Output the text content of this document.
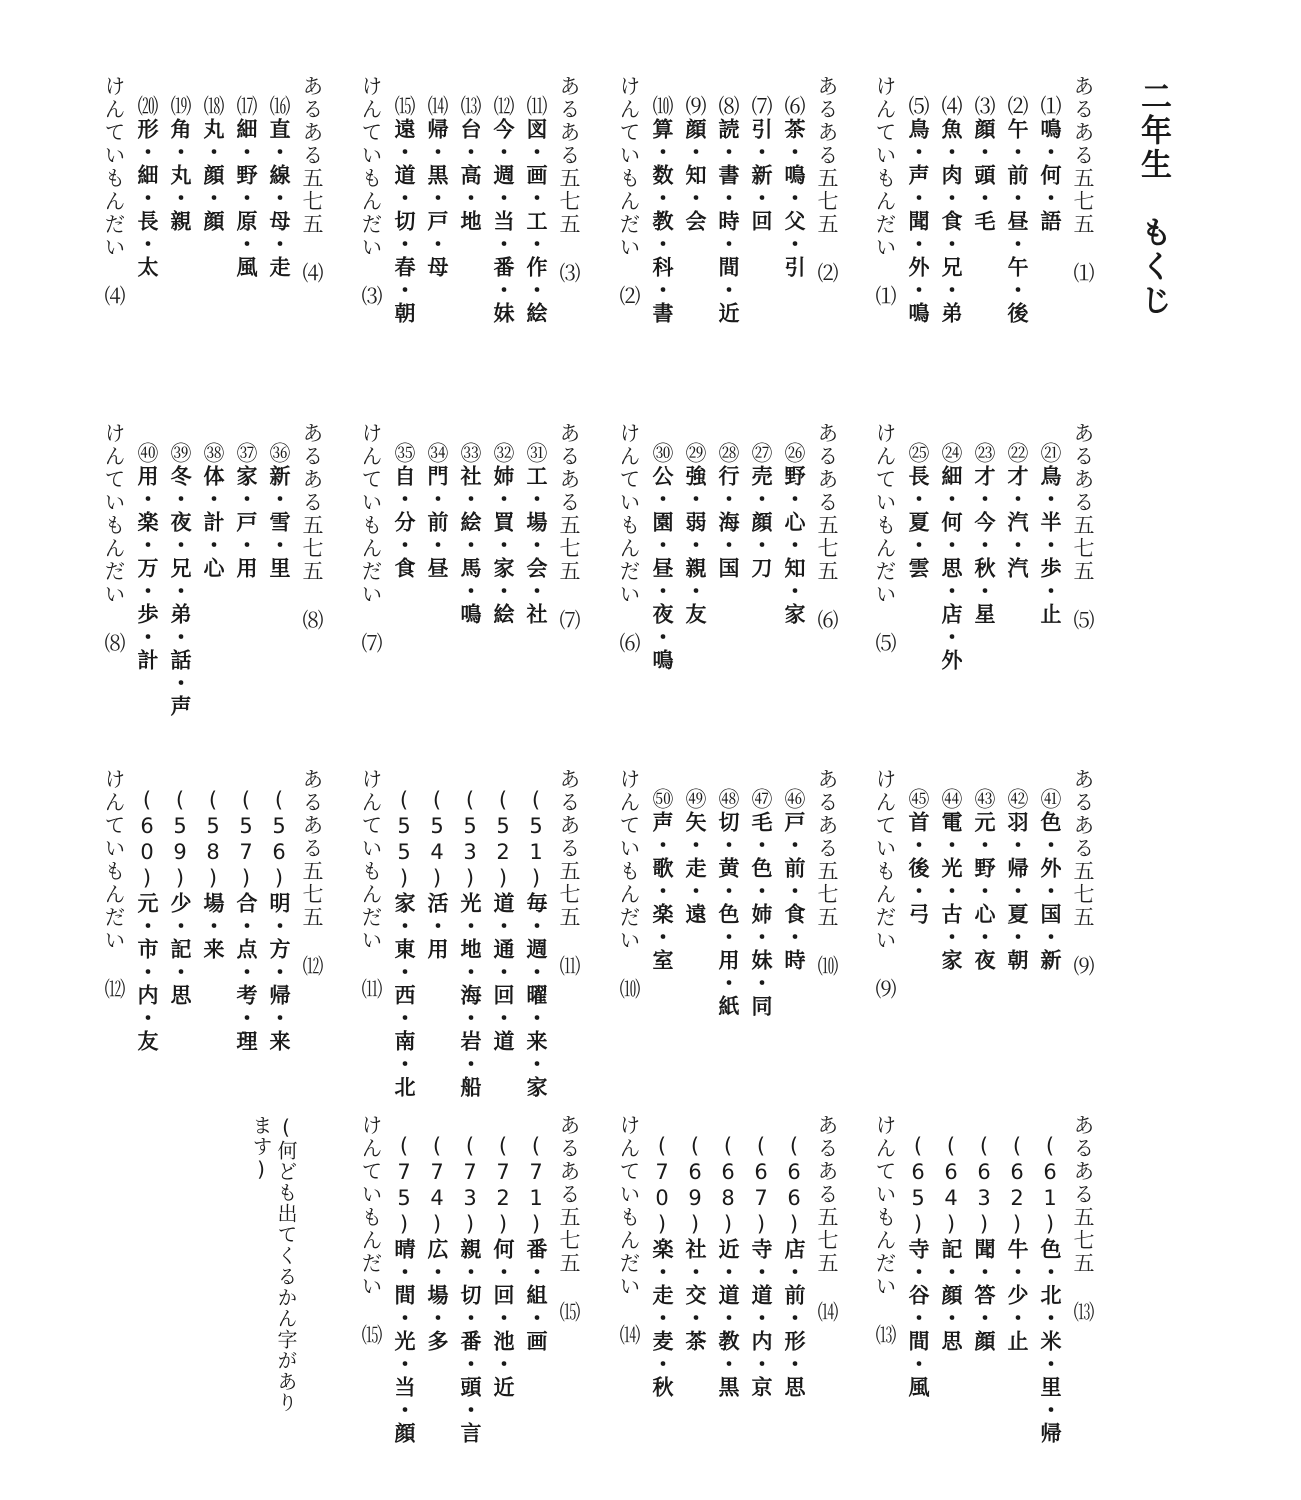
二年生　もくじ
(何ども出てくるかん字があり
ます)
あるある五七五 ⑴
⑴鳴・何・語
⑵午・前・昼・午・後
⑶顔・頭・毛
⑷魚・肉・食・兄・弟
⑸鳥・声・聞・外・鳴
けんていもんだい ⑴
あるある五七五 ⑵
⑹茶・鳴・父・引
⑺引・新・回
⑻読・書・時・間・近
⑼顔・知・会
⑽算・数・教・科・書
けんていもんだい ⑵
あるある五七五 ⑶
⑾図・画・工・作・絵
⑿今・週・当・番・妹
⒀台・高・地
⒁帰・黒・戸・母
⒂遠・道・切・春・朝
けんていもんだい ⑶
あるある五七五 ⑷
⒃直・線・母・走
⒄細・野・原・風
⒅丸・顔・顔
⒆角・丸・親
⒇形・細・長・太
けんていもんだい ⑷
あるある五七五 ⑸
㉑鳥・半・歩・止
㉒才・汽・汽
㉓才・今・秋・星
㉔細・何・思・店・外
㉕長・夏・雲
けんていもんだい ⑸
あるある五七五 ⑹
㉖野・心・知・家
㉗売・顔・刀
㉘行・海・国
㉙強・弱・親・友
㉚公・園・昼・夜・鳴
けんていもんだい ⑹
あるある五七五 ⑺
㉛工・場・会・社
㉜姉・買・家・絵
㉝社・絵・馬・鳴
㉞門・前・昼
㉟自・分・食
けんていもんだい ⑺
あるある五七五 ⑻
㊱新・雪・里
㊲家・戸・用
㊳体・計・心
㊴冬・夜・兄・弟・話・声
㊵用・楽・万・歩・計
けんていもんだい ⑻
あるある五七五 ⑼
㊶色・外・国・新
㊷羽・帰・夏・朝
㊸元・野・心・夜
㊹電・光・古・家
㊺首・後・弓
けんていもんだい ⑼
あるある五七五 ⑽
㊻戸・前・食・時
㊼毛・色・姉・妹・同
㊽切・黄・色・用・紙
㊾矢・走・遠
㊿声・歌・楽・室
けんていもんだい ⑽
あるある五七五 ⑾
(51)毎・週・曜・来・家
(52)道・通・回・道
(53)光・地・海・岩・船
(54)活・用
(55)家・東・西・南・北
けんていもんだい ⑾
あるある五七五 ⑿
(56)明・方・帰・来
(57)合・点・考・理
(58)場・来
(59)少・記・思
(60)元・市・内・友
けんていもんだい ⑿
あるある五七五 ⒀
(61)色・北・米・里・帰
(62)牛・少・止
(63)聞・答・顔
(64)記・顔・思
(65)寺・谷・間・風
けんていもんだい ⒀
あるある五七五 ⒁
(66)店・前・形・思
(67)寺・道・内・京
(68)近・道・教・黒
(69)社・交・茶
(70)楽・走・麦・秋
けんていもんだい ⒁
あるある五七五 ⒂
(71)番・組・画
(72)何・回・池・近
(73)親・切・番・頭・言
(74)広・場・多
(75)晴・間・光・当・顔
けんていもんだい ⒂
